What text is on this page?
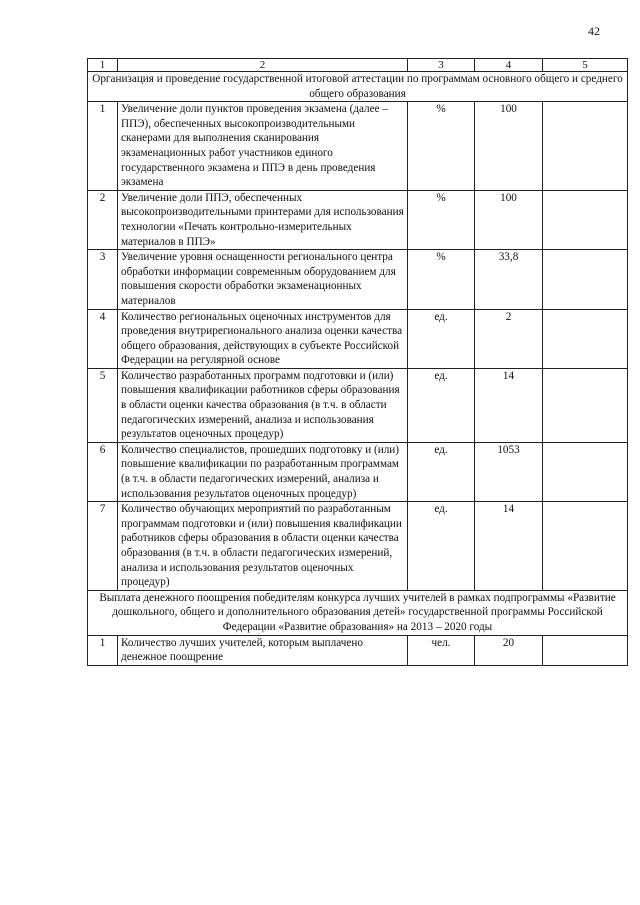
42
1	2	3	4	5
Организация и проведение государственной итоговой аттестации по программам основного общего и среднего общего образования				
1	Увеличение доли пунктов проведения экзамена (далее – ППЭ), обеспеченных высокопроизводительными сканерами для выполнения сканирования экзаменационных работ участников единого государственного экзамена и ППЭ в день проведения экзамена	%	100	
2	Увеличение доли ППЭ, обеспеченных высокопроизводительными принтерами для использования технологии «Печать контрольно-измерительных материалов в ППЭ»	%	100	
3	Увеличение уровня оснащенности регионального центра обработки информации современным оборудованием для повышения скорости обработки экзаменационных материалов	%	33,8	
4	Количество региональных оценочных инструментов для проведения внутрирегионального анализа оценки качества общего образования, действующих в субъекте Российской Федерации на регулярной основе	ед.	2	
5	Количество разработанных программ подготовки и (или) повышения квалификации работников сферы образования в области оценки качества образования (в т.ч. в области педагогических измерений, анализа и использования результатов оценочных процедур)	ед.	14	
6	Количество специалистов, прошедших подготовку и (или) повышение квалификации по разработанным программам (в т.ч. в области педагогических измерений, анализа и использования результатов оценочных процедур)	ед.	1053	
7	Количество обучающих мероприятий по разработанным программам подготовки и (или) повышения квалификации работников сферы образования в области оценки качества образования (в т.ч. в области педагогических измерений, анализа и использования результатов оценочных процедур)	ед.	14	
Выплата денежного поощрения победителям конкурса лучших учителей в рамках подпрограммы «Развитие дошкольного, общего и дополнительного образования детей» государственной программы Российской Федерации «Развитие образования» на 2013 – 2020 годы				
1	Количество лучших учителей, которым выплачено денежное поощрение	чел.	20	
